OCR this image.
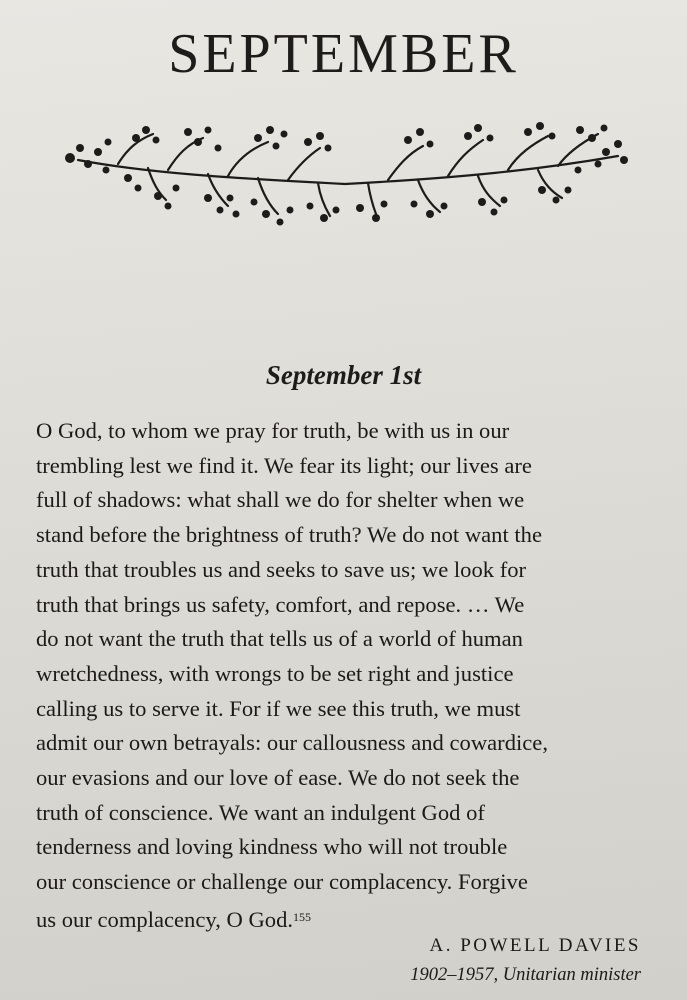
SEPTEMBER
September 1st

O God, to whom we pray for truth, be with us in our
trembling lest we find it. We fear its light; our lives are
full of shadows: what shall we do for shelter when we
stand before the brightness of truth? We do not want the
truth that troubles us and seeks to save us; we look for
truth that brings us safety, comfort, and repose. … We
do not want the truth that tells us of a world of human
wretchedness, with wrongs to be set right and justice
calling us to serve it. For if we see this truth, we must
admit our own betrayals: our callousness and cowardice,
our evasions and our love of ease. We do not seek the
truth of conscience. We want an indulgent God of
tenderness and loving kindness who will not trouble
our conscience or challenge our complacency. Forgive
us our complacency, O God.$^{155}$

A. POWELL DAVIES

1902–1957, Unitarian minister
